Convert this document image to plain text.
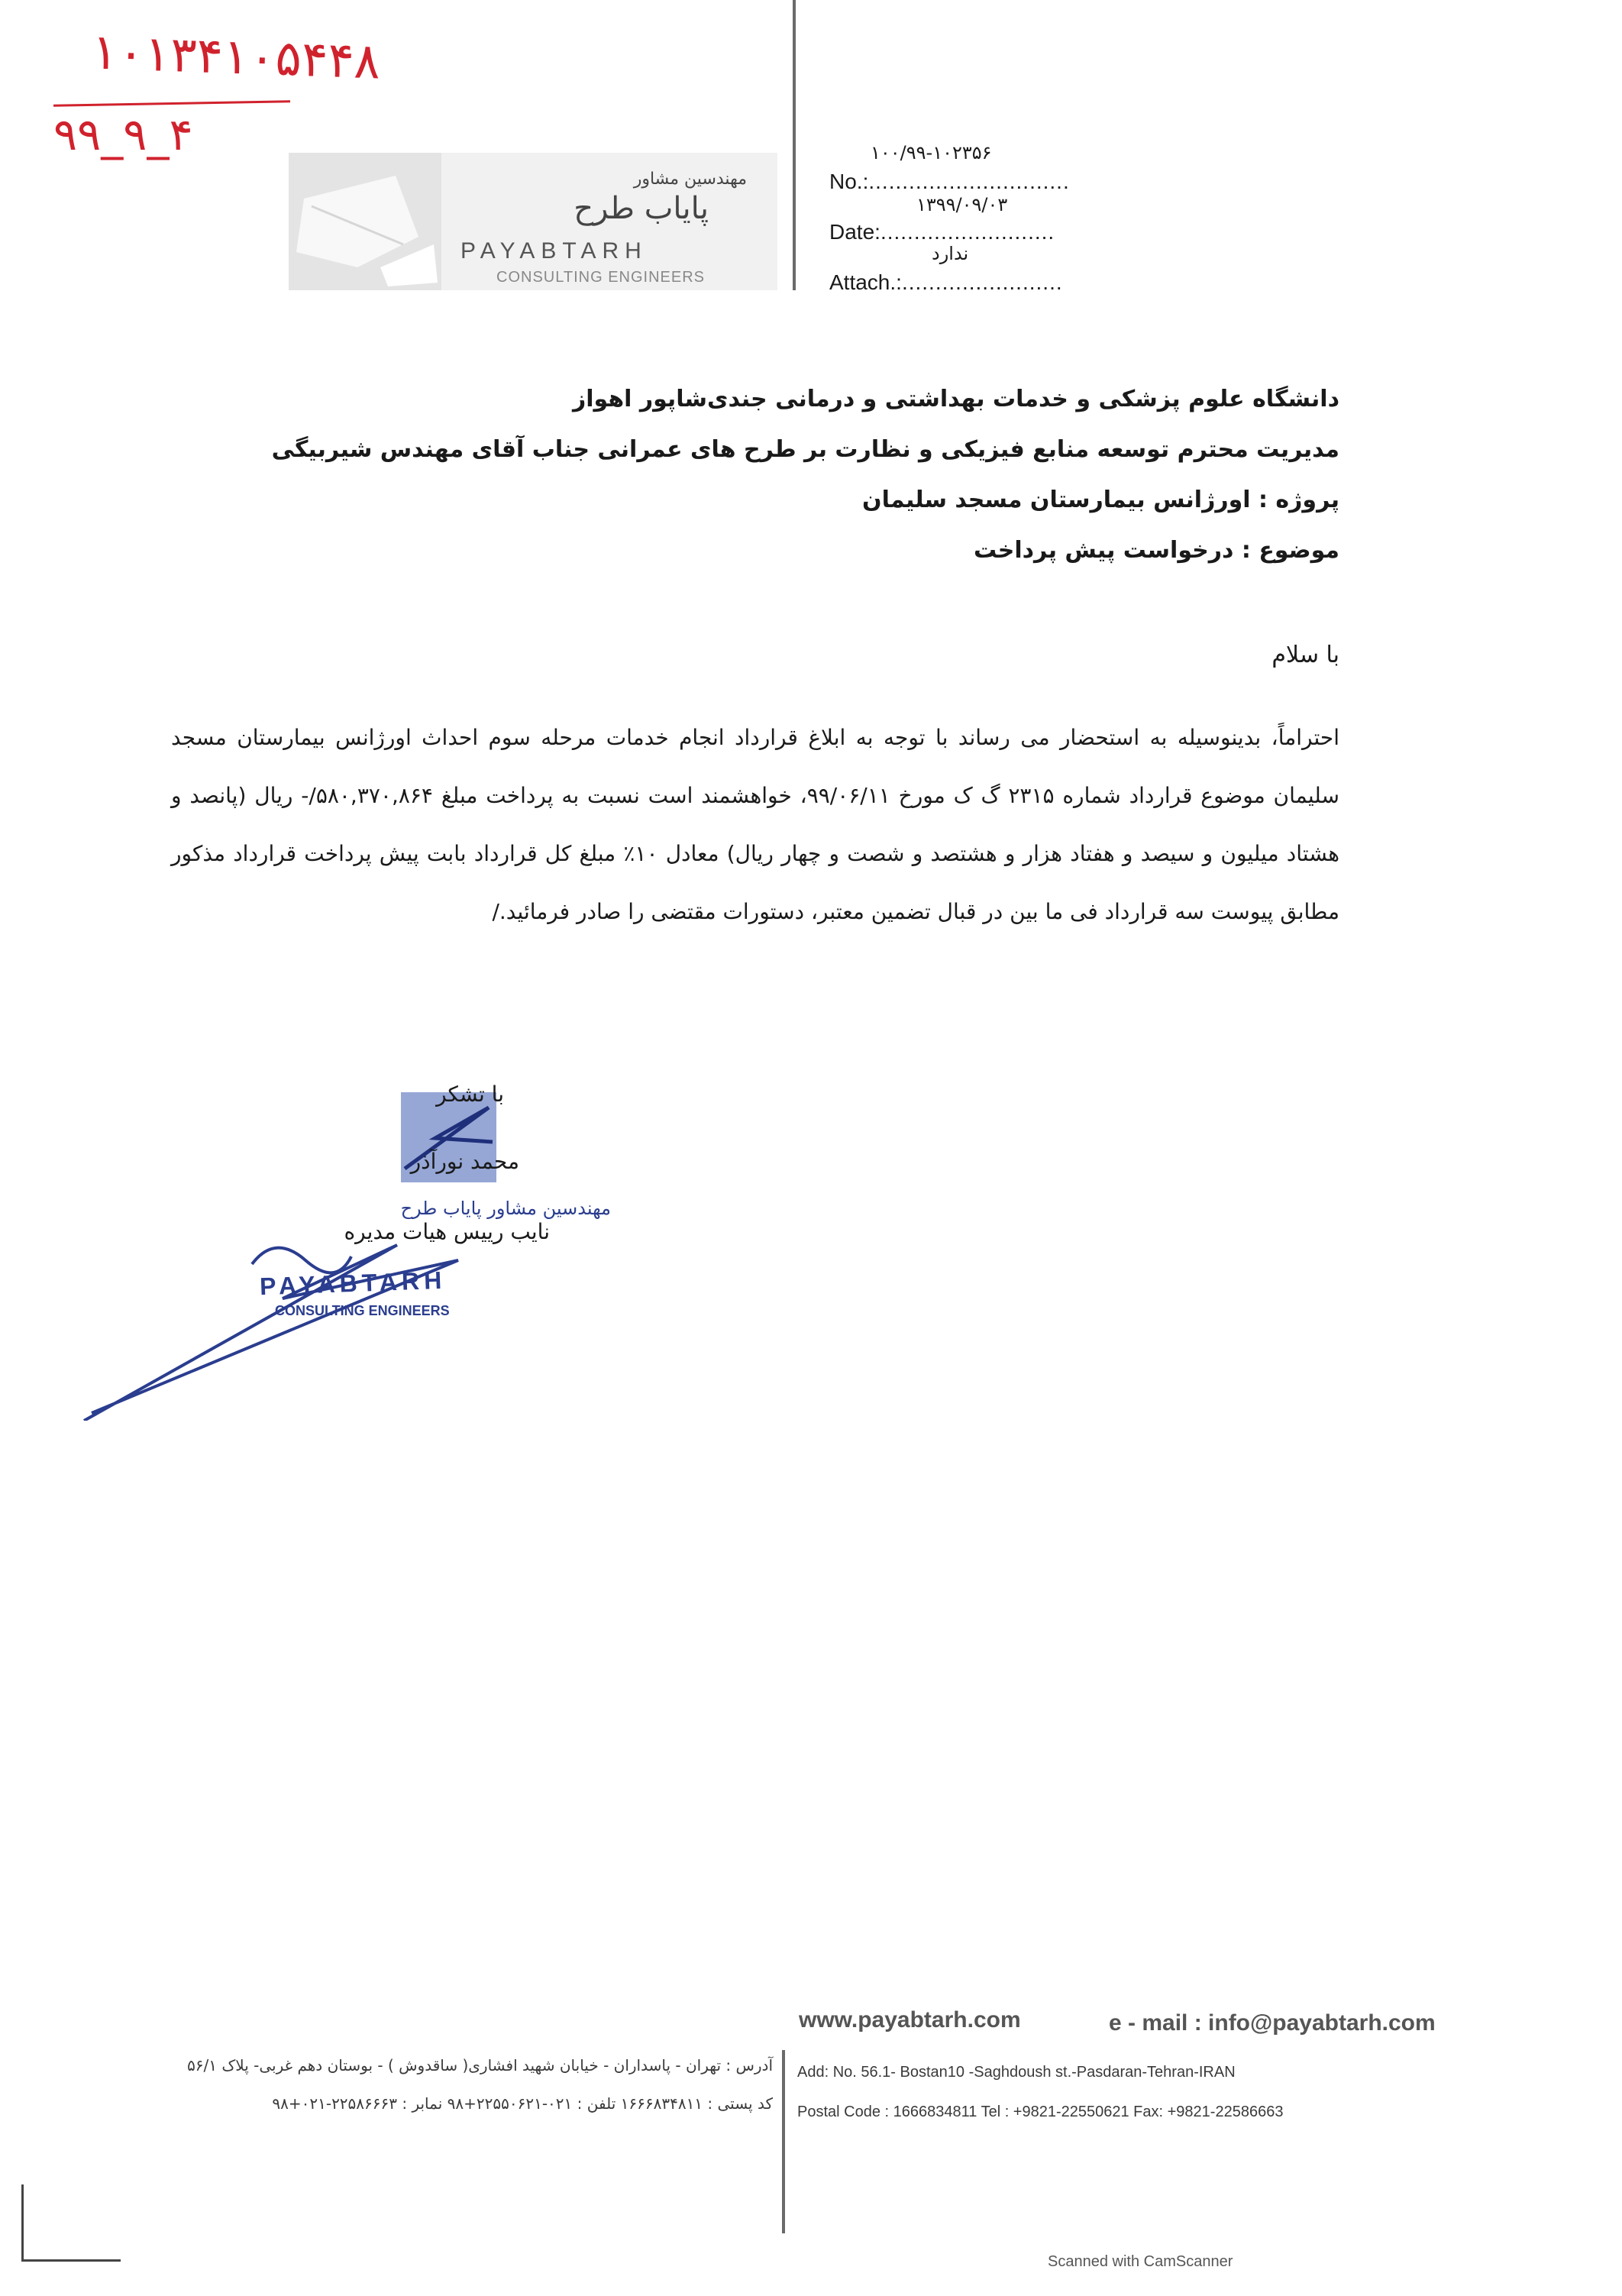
۱۰۱۳۴۱۰۵۴۴۸
۹۹_۹_۴
مهندسین مشاور
پایاب طرح
PAYABTARH
CONSULTING ENGINEERS
۱۰۰/۹۹-۱۰۲۳۵۶
No.:..............................
۱۳۹۹/۰۹/۰۳
Date:..........................
ندارد
Attach.:........................
دانشگاه علوم پزشکی و خدمات بهداشتی و درمانی جندی‌شاپور اهواز
مدیریت محترم توسعه منابع فیزیکی و نظارت بر طرح های عمرانی جناب آقای مهندس شیربیگی
پروژه : اورژانس بیمارستان مسجد سلیمان
موضوع : درخواست پیش پرداخت
با سلام
احتراماً، بدینوسیله به استحضار می رساند با توجه به ابلاغ قرارداد انجام خدمات مرحله سوم احداث اورژانس بیمارستان مسجد سلیمان موضوع قرارداد شماره ۲۳۱۵ گ ک مورخ ۹۹/۰۶/۱۱، خواهشمند است نسبت به پرداخت مبلغ ۵۸۰,۳۷۰,۸۶۴/- ریال (پانصد و هشتاد میلیون و سیصد و هفتاد هزار و هشتصد و شصت و چهار ریال) معادل ۱۰٪ مبلغ کل قرارداد بابت پیش پرداخت قرارداد مذکور مطابق پیوست سه قرارداد فی ما بین در قبال تضمین معتبر، دستورات مقتضی را صادر فرمائید./
با تشکر
محمد نورآذر
مهندسین مشاور پایاب طرح
نایب رییس هیات مدیره
PAYABTARH
CONSULTING ENGINEERS
www.payabtarh.com	e - mail : info@payabtarh.com
آدرس : تهران - پاسداران - خیابان شهید افشاری( ساقدوش ) - بوستان دهم غربی- پلاک ۵۶/۱
کد پستی : ۱۶۶۶۸۳۴۸۱۱ تلفن : ۰۲۱-۲۲۵۵۰۶۲۱+۹۸ نمابر : ۲۲۵۸۶۶۶۳-۰۲۱+۹۸
Add: No. 56.1- Bostan10 -Saghdoush st.-Pasdaran-Tehran-IRAN
Postal Code : 1666834811 Tel : +9821-22550621 Fax: +9821-22586663
Scanned with CamScanner
